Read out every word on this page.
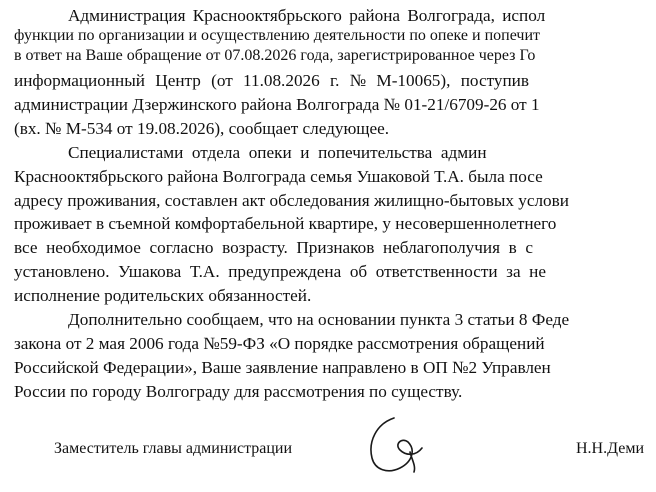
Администрация Краснооктябрьского района Волгограда, испол
функции по организации и осуществлению деятельности по опеке и попечит
в ответ на Ваше обращение от 07.08.2026 года, зарегистрированное через Го
информационный Центр (от 11.08.2026 г. № М-10065), поступив
администрации Дзержинского района Волгограда № 01-21/6709-26 от 1
(вх. № М-534 от 19.08.2026), сообщает следующее.
Специалистами  отдела  опеки  и  попечительства  админ
Краснооктябрьского района Волгограда семья Ушаковой Т.А. была посе
адресу проживания, составлен акт обследования жилищно-бытовых услови
проживает в съемной комфортабельной квартире, у несовершеннолетнего
все  необходимое  согласно  возрасту.  Признаков  неблагополучия  в  с
установлено.  Ушакова  Т.А.  предупреждена  об  ответственности  за  не
исполнение родительских обязанностей.
Дополнительно сообщаем, что на основании пункта 3 статьи 8 Феде
закона от 2 мая 2006 года №59-ФЗ «О порядке рассмотрения обращений
Российской Федерации», Ваше заявление направлено в ОП №2 Управлен
России по городу Волгограду для рассмотрения по существу.
Заместитель главы администрации	Н.Н.Деми
